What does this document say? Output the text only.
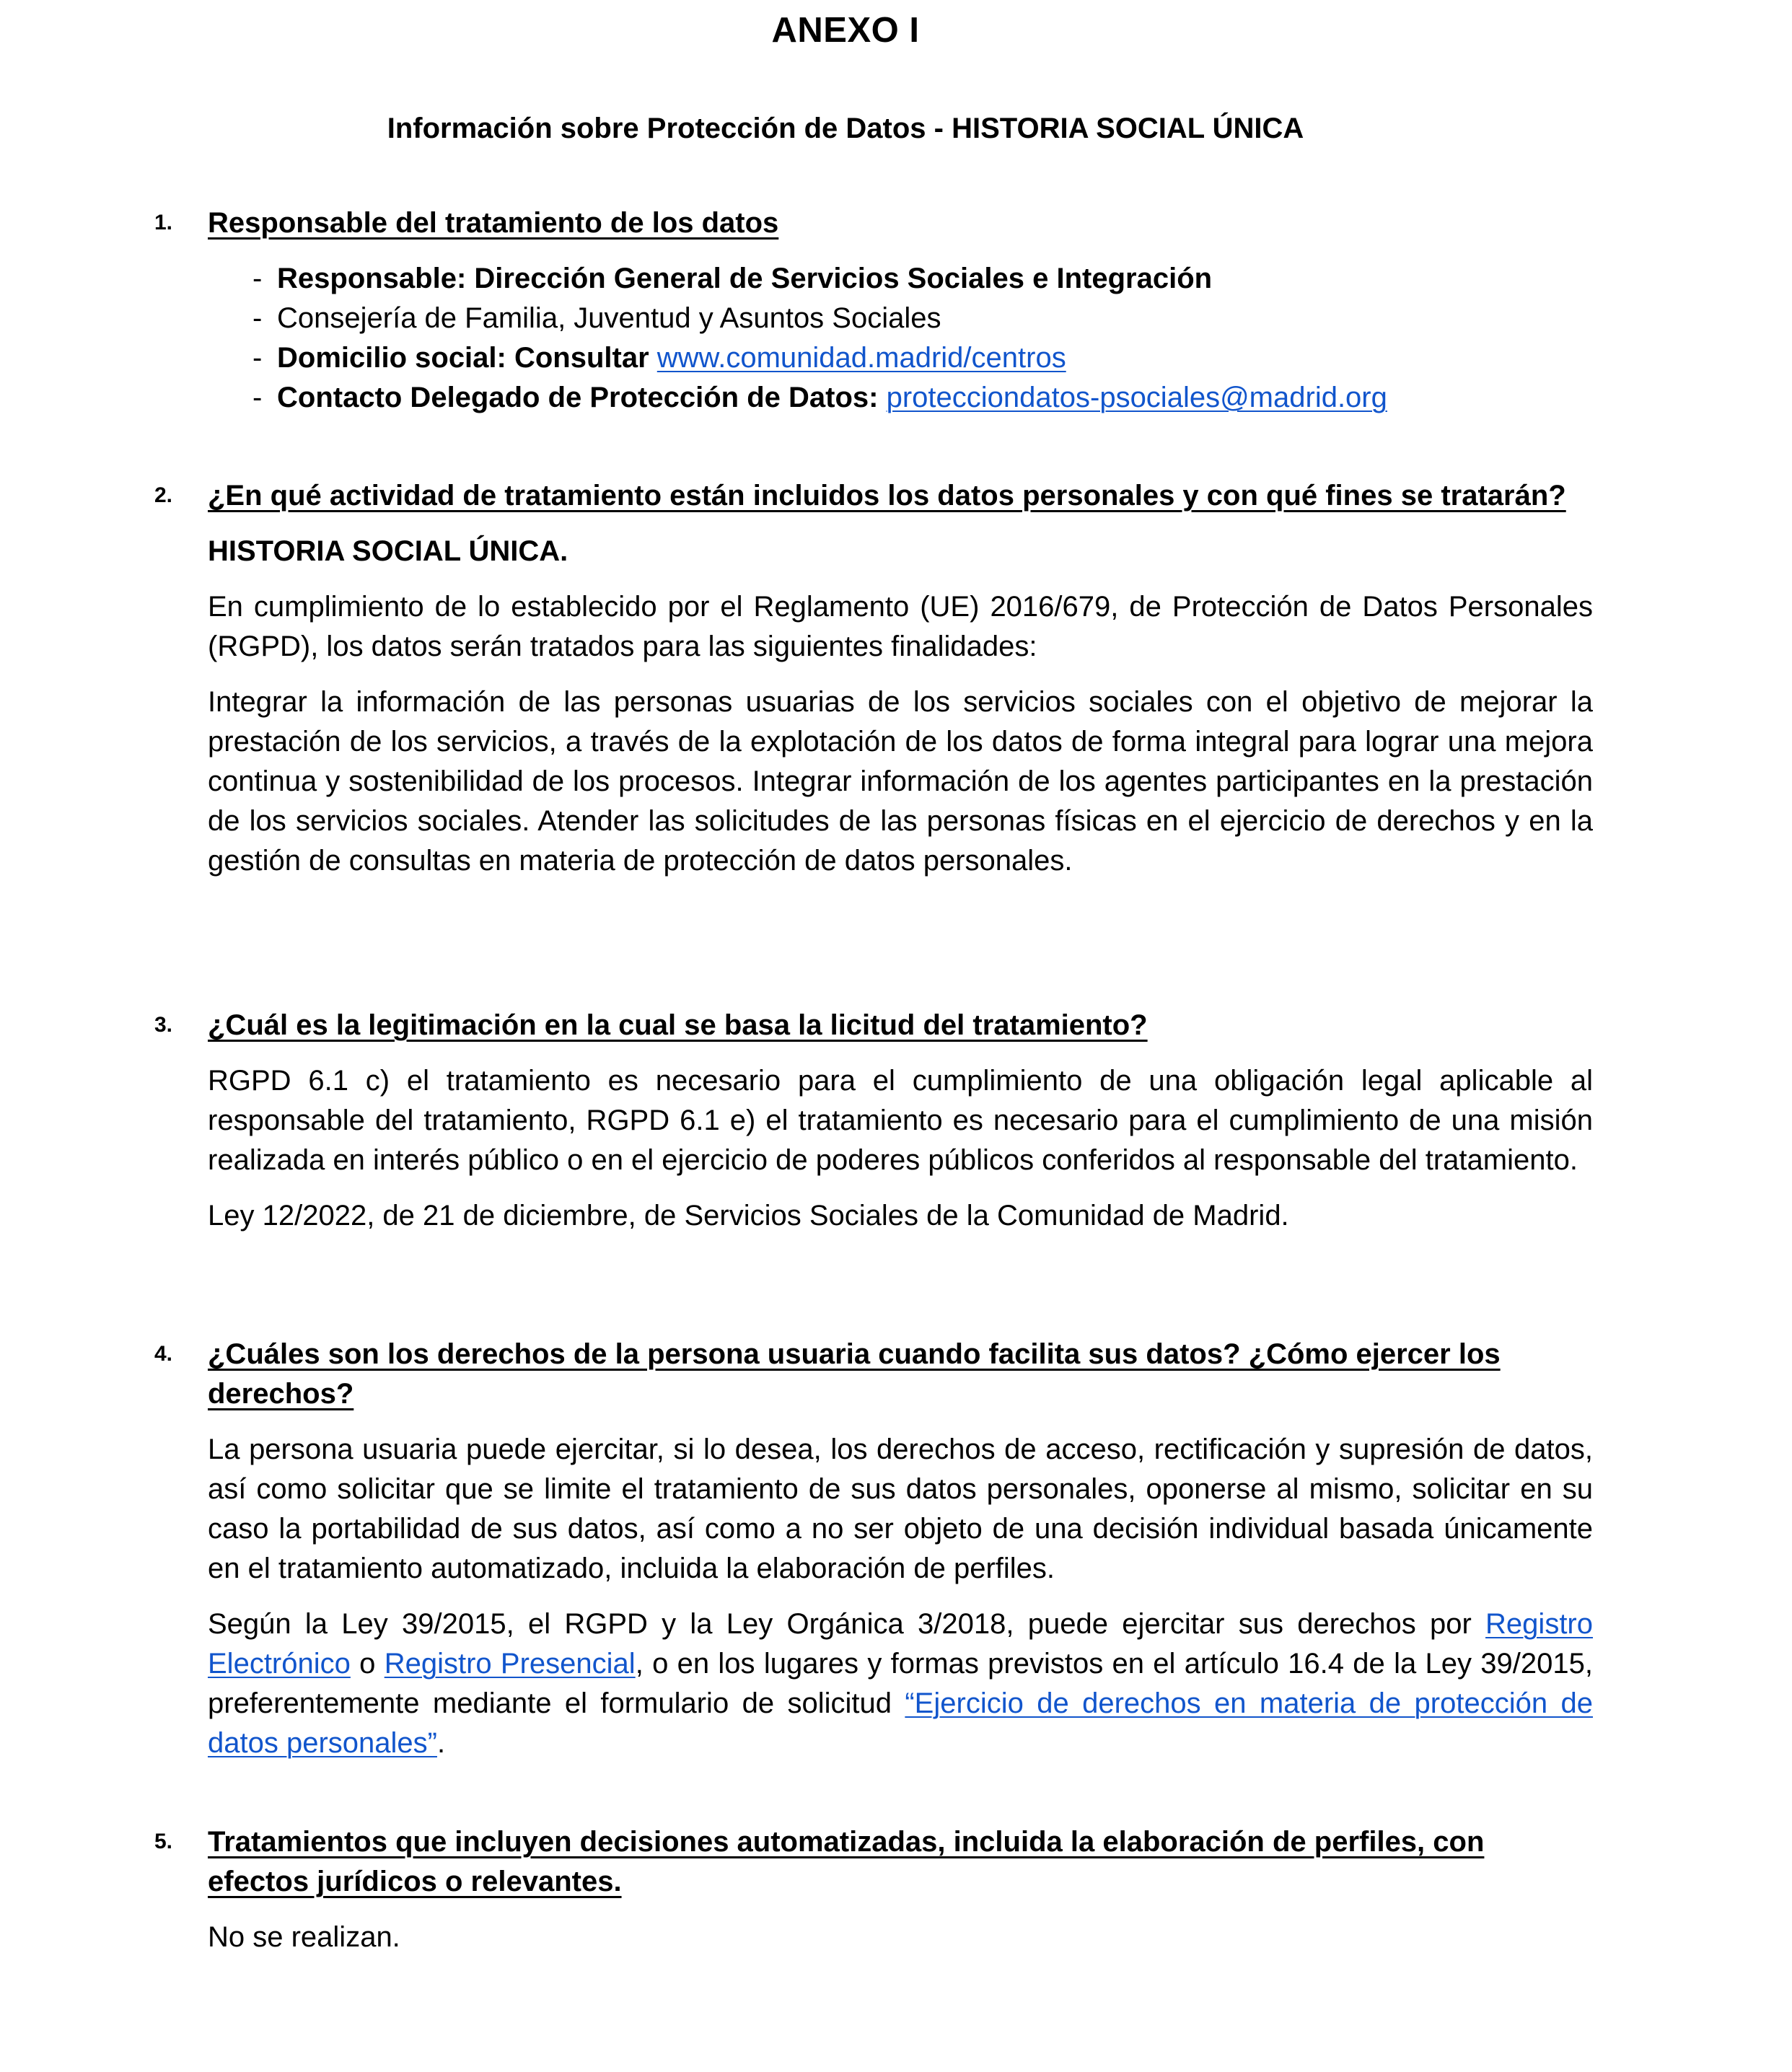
ANEXO I
Información sobre Protección de Datos - HISTORIA SOCIAL ÚNICA
1. Responsable del tratamiento de los datos
- Responsable: Dirección General de Servicios Sociales e Integración
- Consejería de Familia, Juventud y Asuntos Sociales
- Domicilio social: Consultar www.comunidad.madrid/centros
- Contacto Delegado de Protección de Datos: protecciondatos-psociales@madrid.org
2. ¿En qué actividad de tratamiento están incluidos los datos personales y con qué fines se tratarán?
HISTORIA SOCIAL ÚNICA.

En cumplimiento de lo establecido por el Reglamento (UE) 2016/679, de Protección de Datos Personales (RGPD), los datos serán tratados para las siguientes finalidades:

Integrar la información de las personas usuarias de los servicios sociales con el objetivo de mejorar la prestación de los servicios, a través de la explotación de los datos de forma integral para lograr una mejora continua y sostenibilidad de los procesos. Integrar información de los agentes participantes en la prestación de los servicios sociales. Atender las solicitudes de las personas físicas en el ejercicio de derechos y en la gestión de consultas en materia de protección de datos personales.

3. ¿Cuál es la legitimación en la cual se basa la licitud del tratamiento?

RGPD 6.1 c) el tratamiento es necesario para el cumplimiento de una obligación legal aplicable al responsable del tratamiento, RGPD 6.1 e) el tratamiento es necesario para el cumplimiento de una misión realizada en interés público o en el ejercicio de poderes públicos conferidos al responsable del tratamiento.

Ley 12/2022, de 21 de diciembre, de Servicios Sociales de la Comunidad de Madrid.

4. ¿Cuáles son los derechos de la persona usuaria cuando facilita sus datos? ¿Cómo ejercer los derechos?

La persona usuaria puede ejercitar, si lo desea, los derechos de acceso, rectificación y supresión de datos, así como solicitar que se limite el tratamiento de sus datos personales, oponerse al mismo, solicitar en su caso la portabilidad de sus datos, así como a no ser objeto de una decisión individual basada únicamente en el tratamiento automatizado, incluida la elaboración de perfiles.

Según la Ley 39/2015, el RGPD y la Ley Orgánica 3/2018, puede ejercitar sus derechos por Registro Electrónico o Registro Presencial, o en los lugares y formas previstos en el artículo 16.4 de la Ley 39/2015, preferentemente mediante el formulario de solicitud “Ejercicio de derechos en materia de protección de datos personales”.

5. Tratamientos que incluyen decisiones automatizadas, incluida la elaboración de perfiles, con efectos jurídicos o relevantes.

No se realizan.
